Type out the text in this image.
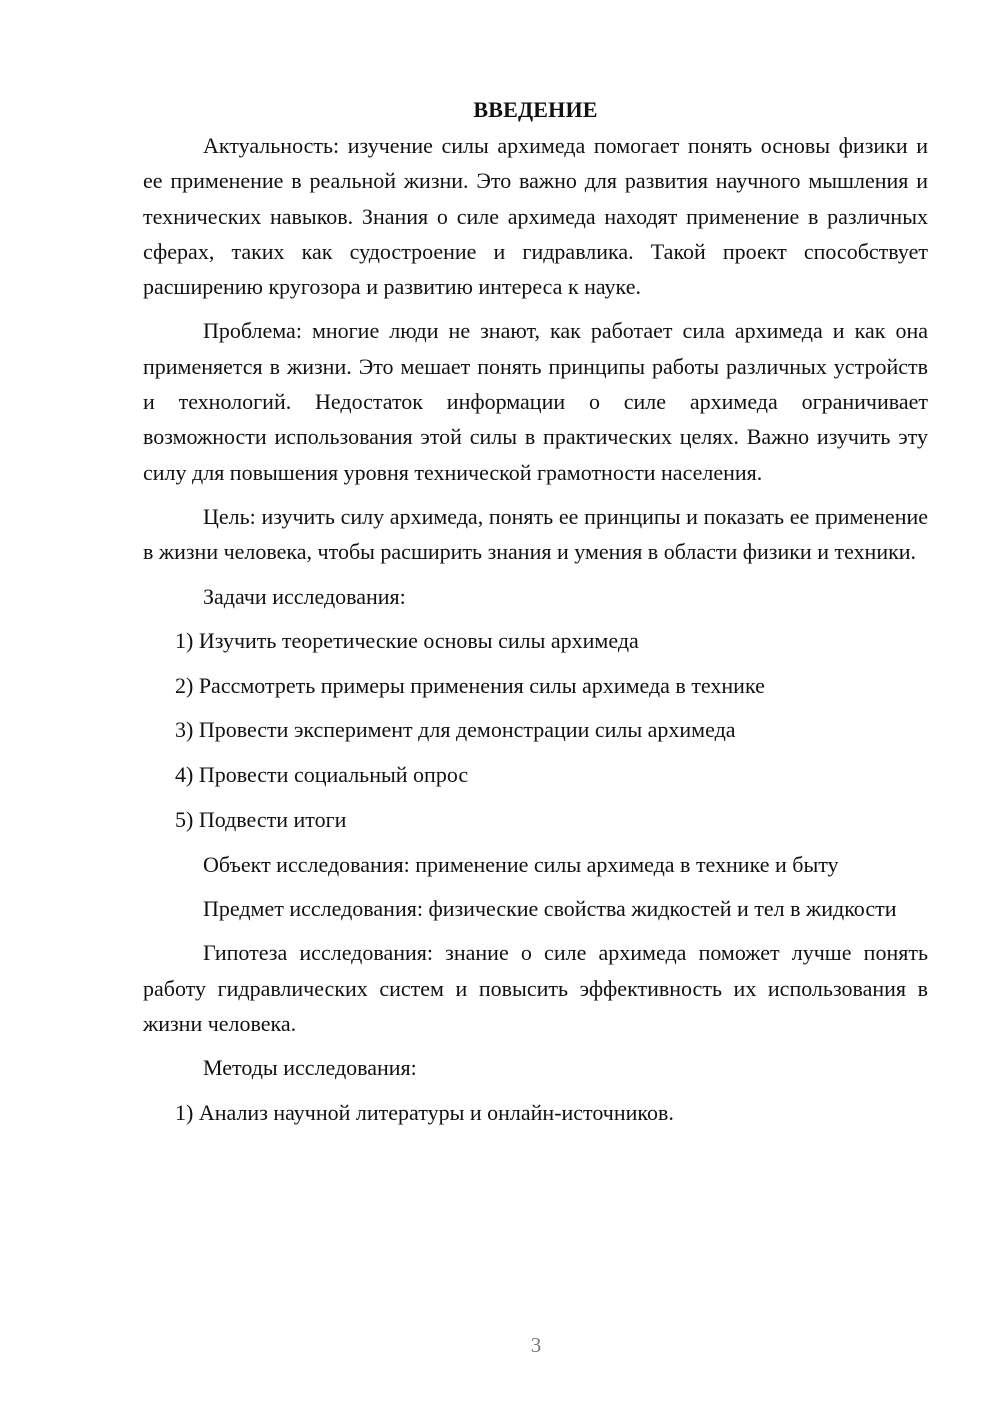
ВВЕДЕНИЕ

Актуальность: изучение силы архимеда помогает понять основы физики и ее применение в реальной жизни. Это важно для развития научного мышления и технических навыков. Знания о силе архимеда находят применение в различных сферах, таких как судостроение и гидравлика. Такой проект способствует расширению кругозора и развитию интереса к науке.

Проблема: многие люди не знают, как работает сила архимеда и как она применяется в жизни. Это мешает понять принципы работы различных устройств и технологий. Недостаток информации о силе архимеда ограничивает возможности использования этой силы в практических целях. Важно изучить эту силу для повышения уровня технической грамотности населения.

Цель: изучить силу архимеда, понять ее принципы и показать ее применение в жизни человека, чтобы расширить знания и умения в области физики и техники.

Задачи исследования:

1) Изучить теоретические основы силы архимеда
2) Рассмотреть примеры применения силы архимеда в технике
3) Провести эксперимент для демонстрации силы архимеда
4) Провести социальный опрос
5) Подвести итоги

Объект исследования: применение силы архимеда в технике и быту

Предмет исследования: физические свойства жидкостей и тел в жидкости

Гипотеза исследования: знание о силе архимеда поможет лучше понять работу гидравлических систем и повысить эффективность их использования в жизни человека.

Методы исследования:

1) Анализ научной литературы и онлайн-источников.
3
